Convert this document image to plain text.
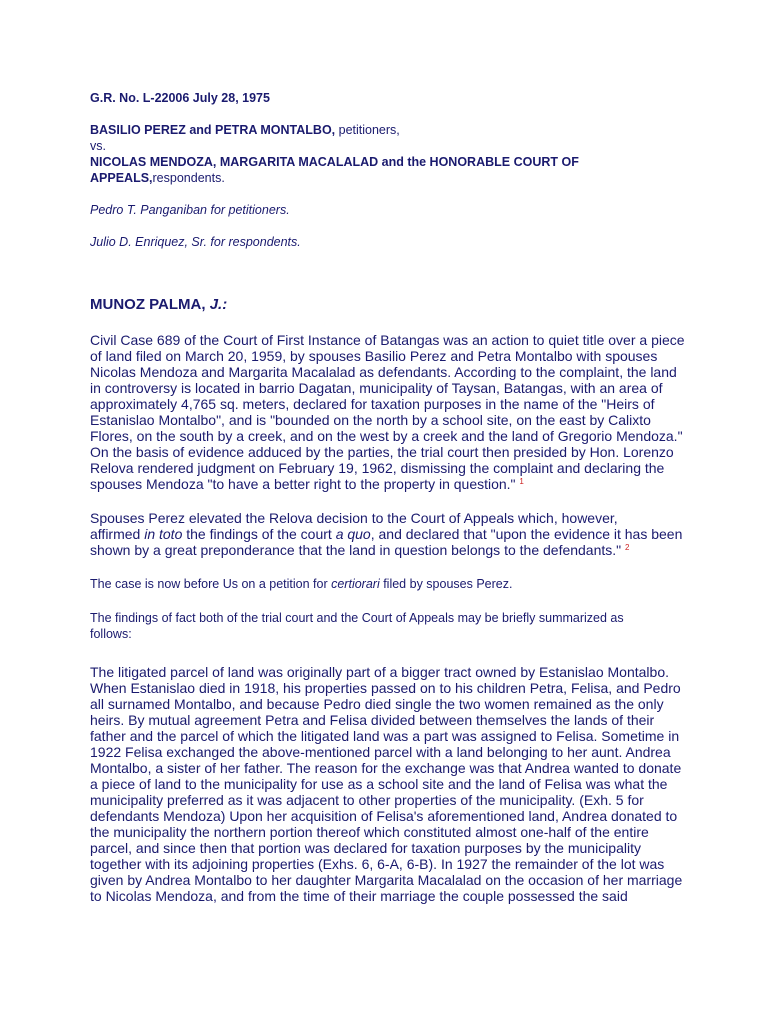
G.R. No. L-22006 July 28, 1975

BASILIO PEREZ and PETRA MONTALBO, petitioners,

vs.

NICOLAS MENDOZA, MARGARITA MACALALAD and the HONORABLE COURT OF

APPEALS,respondents.

Pedro T. Panganiban for petitioners.

Julio D. Enriquez, Sr. for respondents.

MUNOZ PALMA, J.:

Civil Case 689 of the Court of First Instance of Batangas was an action to quiet title over a piece
of land filed on March 20, 1959, by spouses Basilio Perez and Petra Montalbo with spouses
Nicolas Mendoza and Margarita Macalalad as defendants. According to the complaint, the land
in controversy is located in barrio Dagatan, municipality of Taysan, Batangas, with an area of
approximately 4,765 sq. meters, declared for taxation purposes in the name of the "Heirs of
Estanislao Montalbo", and is "bounded on the north by a school site, on the east by Calixto
Flores, on the south by a creek, and on the west by a creek and the land of Gregorio Mendoza."
On the basis of evidence adduced by the parties, the trial court then presided by Hon. Lorenzo
Relova rendered judgment on February 19, 1962, dismissing the complaint and declaring the
spouses Mendoza "to have a better right to the property in question." $^1$
Spouses Perez elevated the Relova decision to the Court of Appeals which, however,
affirmed in toto the findings of the court a quo, and declared that "upon the evidence it has been
shown by a great preponderance that the land in question belongs to the defendants." $^2$

The case is now before Us on a petition for certiorari filed by spouses Perez.

The findings of fact both of the trial court and the Court of Appeals may be briefly summarized as
follows:
The litigated parcel of land was originally part of a bigger tract owned by Estanislao Montalbo.
When Estanislao died in 1918, his properties passed on to his children Petra, Felisa, and Pedro
all surnamed Montalbo, and because Pedro died single the two women remained as the only
heirs. By mutual agreement Petra and Felisa divided between themselves the lands of their
father and the parcel of which the litigated land was a part was assigned to Felisa. Sometime in
1922 Felisa exchanged the above-mentioned parcel with a land belonging to her aunt. Andrea
Montalbo, a sister of her father. The reason for the exchange was that Andrea wanted to donate
a piece of land to the municipality for use as a school site and the land of Felisa was what the
municipality preferred as it was adjacent to other properties of the municipality. (Exh. 5 for
defendants Mendoza) Upon her acquisition of Felisa's aforementioned land, Andrea donated to
the municipality the northern portion thereof which constituted almost one-half of the entire
parcel, and since then that portion was declared for taxation purposes by the municipality
together with its adjoining properties (Exhs. 6, 6-A, 6-B). In 1927 the remainder of the lot was
given by Andrea Montalbo to her daughter Margarita Macalalad on the occasion of her marriage
to Nicolas Mendoza, and from the time of their marriage the couple possessed the said
